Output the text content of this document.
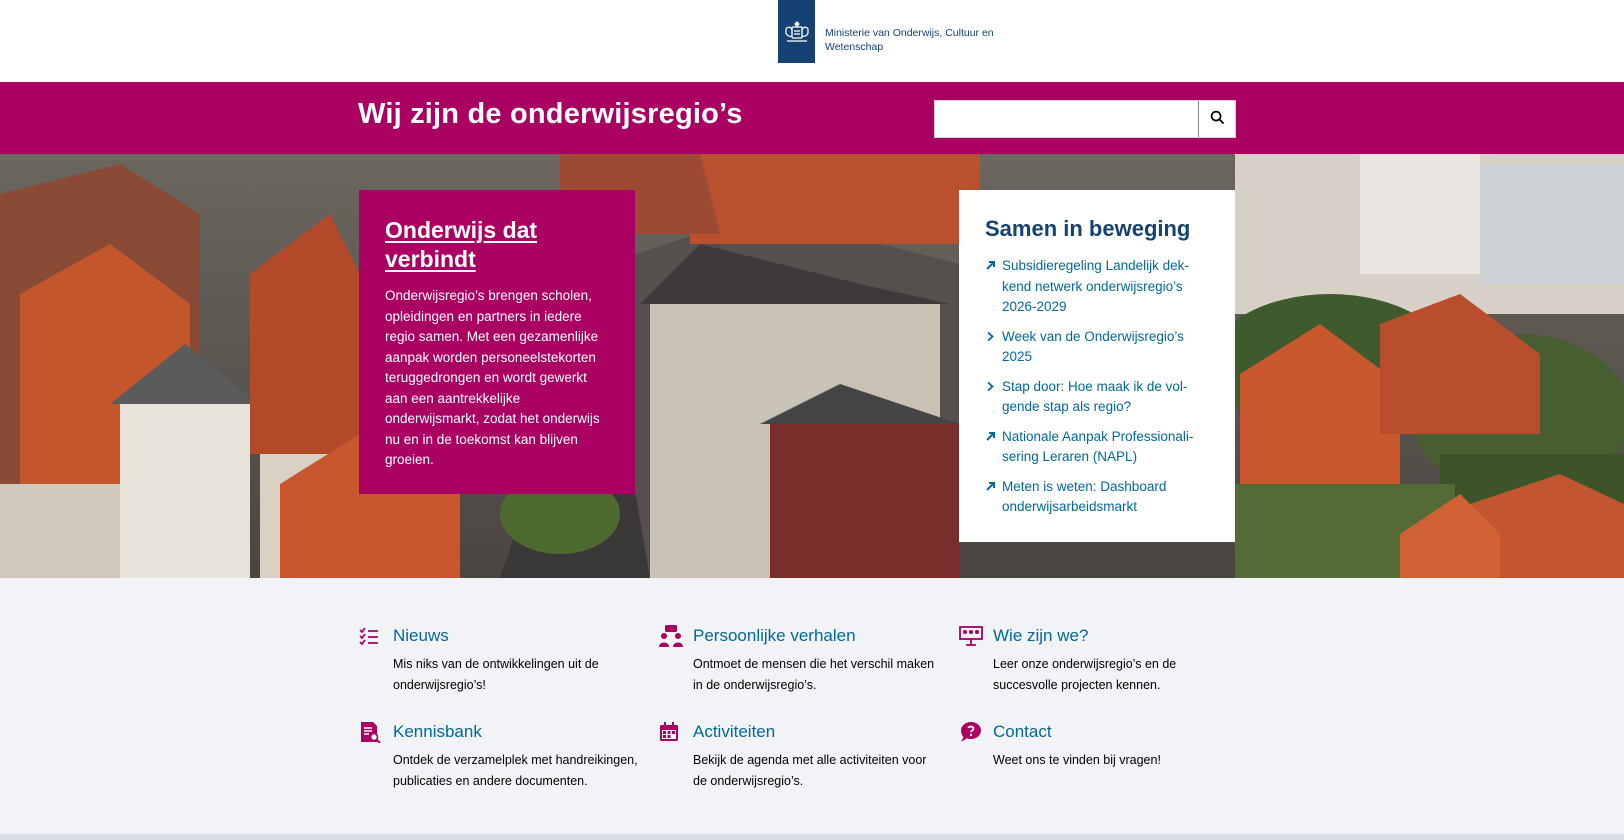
Ministerie van Onderwijs, Cultuur en Wetenschap
Wij zijn de onderwijsregio’s
Onderwijs dat verbindt
Onderwijsregio’s brengen scholen, opleidingen en partners in iedere regio samen. Met een gezamenlijke aanpak worden personeelstekorten teruggedrongen en wordt gewerkt aan een aantrekkelijke onderwijsmarkt, zodat het onderwijs nu en in de toekomst kan blijven groeien.
Samen in beweging
Subsidieregeling Landelijk dekkend netwerk onderwijsregio’s 2026-2029
Week van de Onderwijsregio’s 2025
Stap door: Hoe maak ik de volgende stap als regio?
Nationale Aanpak Professionalisering Leraren (NAPL)
Meten is weten: Dashboard onderwijsarbeidsmarkt
Nieuws
Mis niks van de ontwikkelingen uit de onderwijsregio’s!
Persoonlijke verhalen
Ontmoet de mensen die het verschil maken in de onderwijsregio’s.
Wie zijn we?
Leer onze onderwijsregio’s en de succesvolle projecten kennen.
Kennisbank
Ontdek de verzamelplek met handreikingen, publicaties en andere documenten.
Activiteiten
Bekijk de agenda met alle activiteiten voor de onderwijsregio’s.
Contact
Weet ons te vinden bij vragen!
